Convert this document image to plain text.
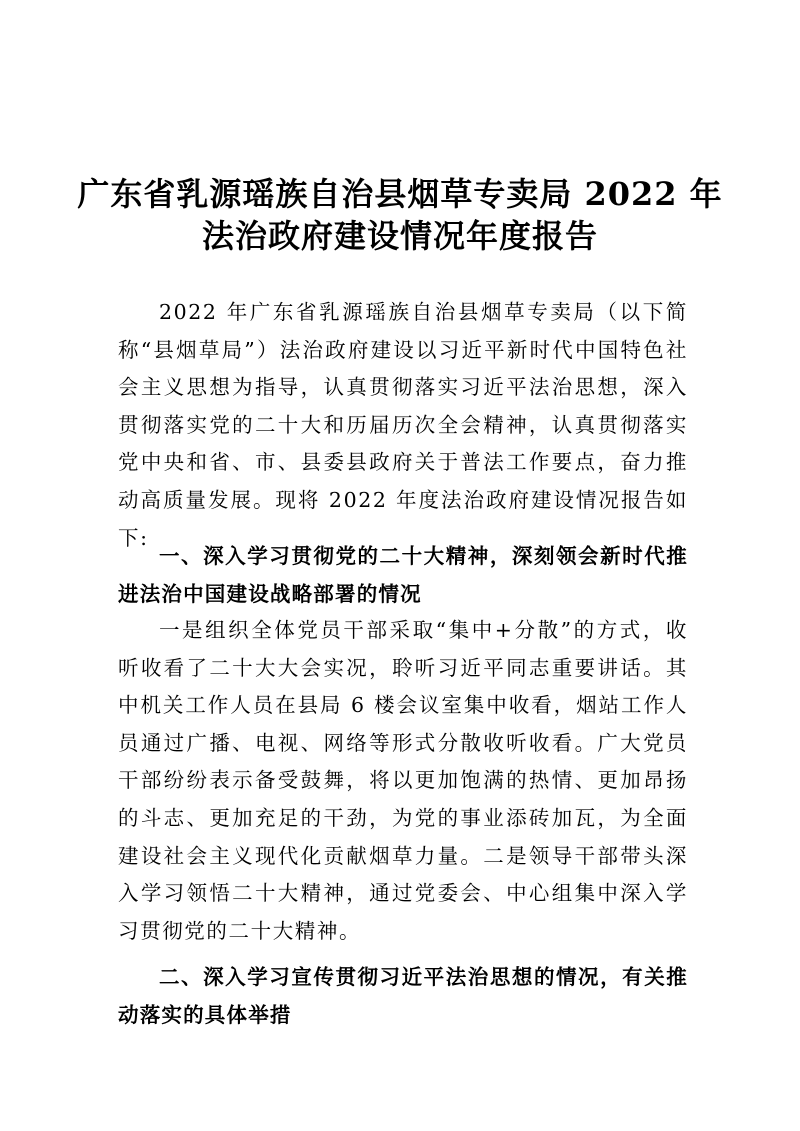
广东省乳源瑶族自治县烟草专卖局 2022 年
法治政府建设情况年度报告

2022 年广东省乳源瑶族自治县烟草专卖局（以下简称“县烟草局”）法治政府建设以习近平新时代中国特色社会主义思想为指导，认真贯彻落实习近平法治思想，深入贯彻落实党的二十大和历届历次全会精神，认真贯彻落实党中央和省、市、县委县政府关于普法工作要点，奋力推动高质量发展。现将 2022 年度法治政府建设情况报告如下:

一、深入学习贯彻党的二十大精神，深刻领会新时代推进法治中国建设战略部署的情况

一是组织全体党员干部采取“集中+分散”的方式，收听收看了二十大大会实况，聆听习近平同志重要讲话。其中机关工作人员在县局 6 楼会议室集中收看，烟站工作人员通过广播、电视、网络等形式分散收听收看。广大党员干部纷纷表示备受鼓舞，将以更加饱满的热情、更加昂扬的斗志、更加充足的干劲，为党的事业添砖加瓦，为全面建设社会主义现代化贡献烟草力量。二是领导干部带头深入学习领悟二十大精神，通过党委会、中心组集中深入学习贯彻党的二十大精神。

二、深入学习宣传贯彻习近平法治思想的情况，有关推动落实的具体举措
